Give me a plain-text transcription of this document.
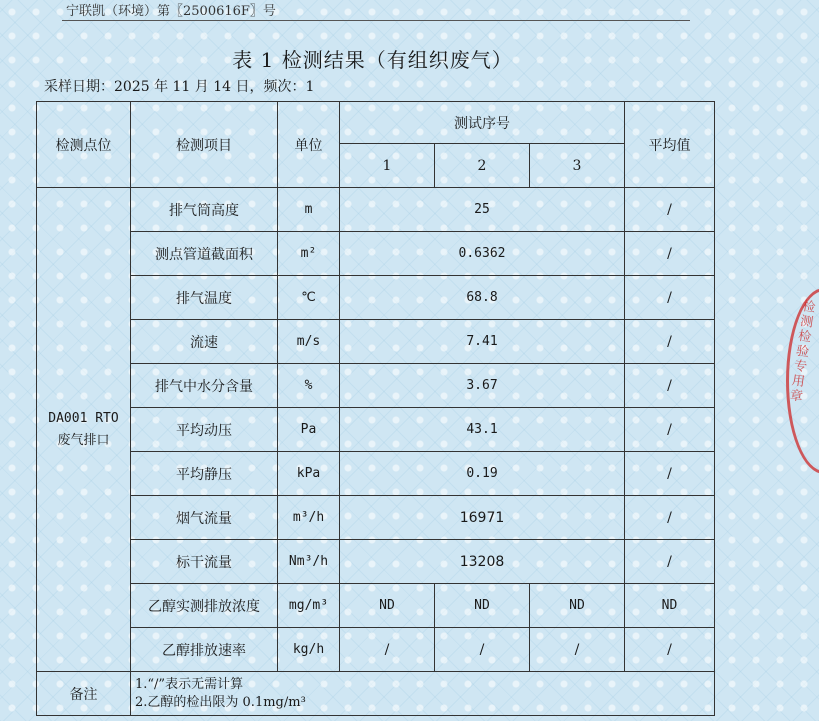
宁联凯（环境）第〖2500616F〗号
表 1 检测结果（有组织废气）
采样日期：2025 年 11 月 14 日，频次：1
检测点位	检测项目	单位	测试序号			平均值
			1	2	3	
DA001 RTO
废气排口	排气筒高度	m	25			/
	测点管道截面积	m²	0.6362			/
	排气温度	℃	68.8			/
	流速	m/s	7.41			/
	排气中水分含量	%	3.67			/
	平均动压	Pa	43.1			/
	平均静压	kPa	0.19			/
	烟气流量	m³/h	16971			/
	标干流量	Nm³/h	13208			/
	乙醇实测排放浓度	mg/m³	ND	ND	ND	ND
	乙醇排放速率	kg/h	/	/	/	/
备注	1.“/”表示无需计算
2.乙醇的检出限为 0.1mg/m³					
检测检验专用章
